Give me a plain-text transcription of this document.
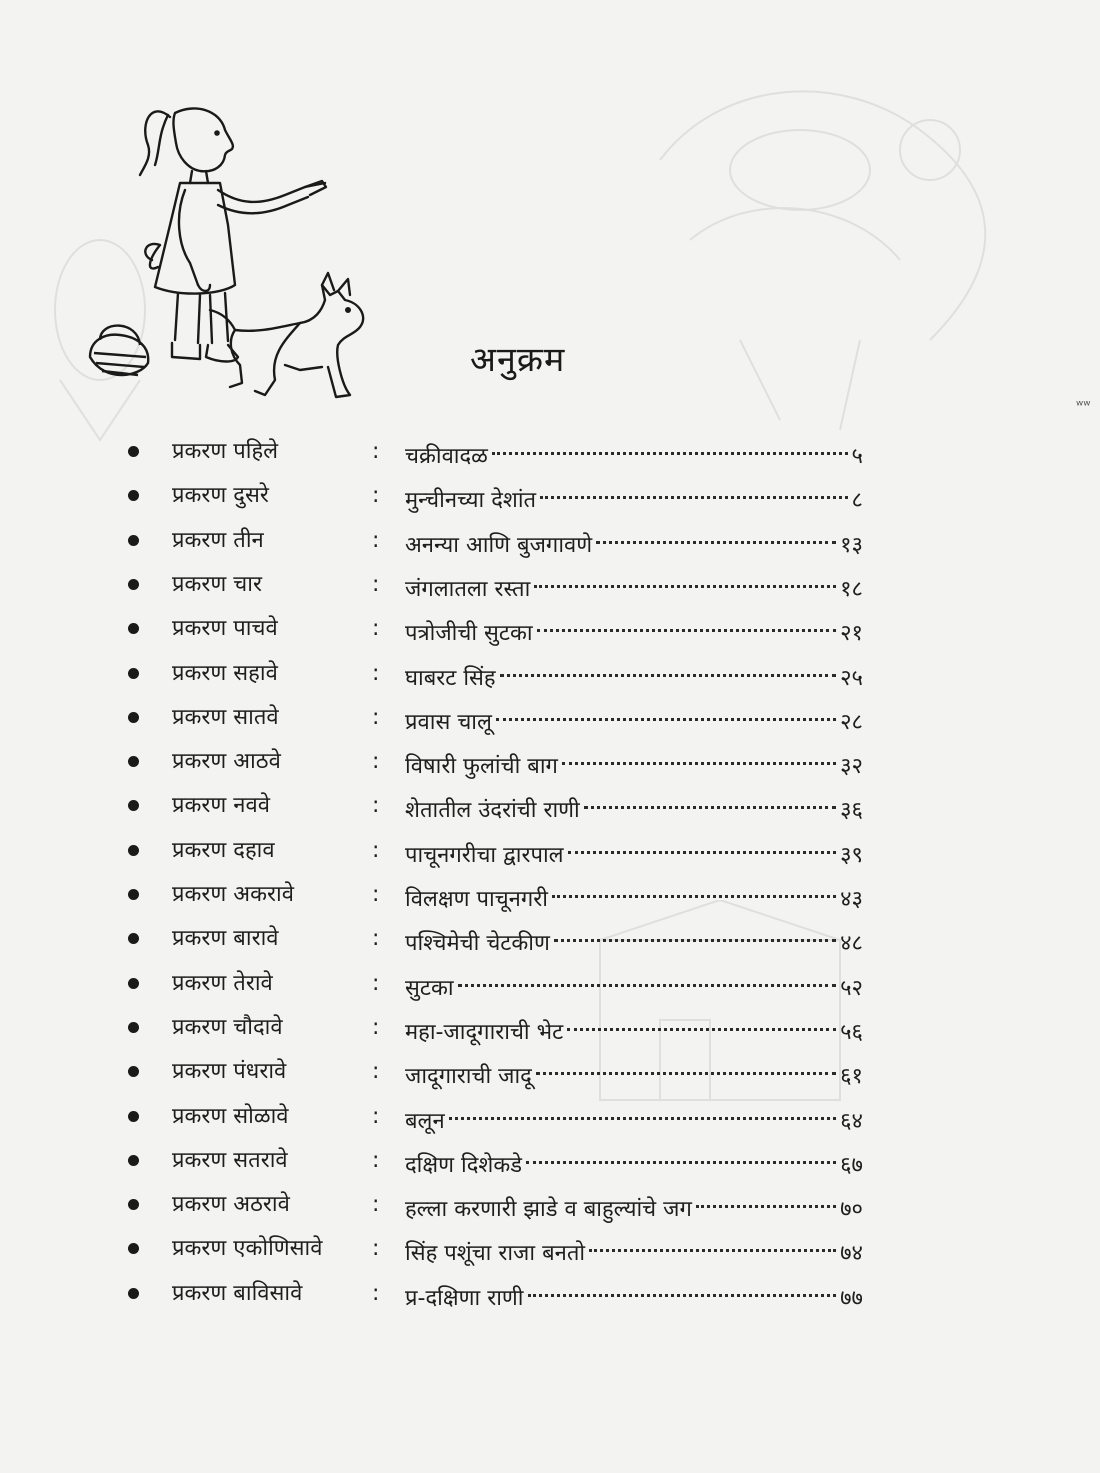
अनुक्रम
ʷʷ
प्रकरण पहिले	: चक्रीवादळ	५
प्रकरण दुसरे	: मुन्चीनच्या देशांत	८
प्रकरण तीन	: अनन्या आणि बुजगावणे	१३
प्रकरण चार	: जंगलातला रस्ता	१८
प्रकरण पाचवे	: पत्रोजीची सुटका	२१
प्रकरण सहावे	: घाबरट सिंह	२५
प्रकरण सातवे	: प्रवास चालू	२८
प्रकरण आठवे	: विषारी फुलांची बाग	३२
प्रकरण नववे	: शेतातील उंदरांची राणी	३६
प्रकरण दहाव	: पाचूनगरीचा द्वारपाल	३९
प्रकरण अकरावे	: विलक्षण पाचूनगरी	४३
प्रकरण बारावे	: पश्चिमेची चेटकीण	४८
प्रकरण तेरावे	: सुटका	५२
प्रकरण चौदावे	: महा-जादूगाराची भेट	५६
प्रकरण पंधरावे	: जादूगाराची जादू	६१
प्रकरण सोळावे	: बलून	६४
प्रकरण सतरावे	: दक्षिण दिशेकडे	६७
प्रकरण अठरावे	: हल्ला करणारी झाडे व बाहुल्यांचे जग	७०
प्रकरण एकोणिसावे : सिंह पशूंचा राजा बनतो	७४
प्रकरण बाविसावे	: प्र-दक्षिणा राणी	७७
